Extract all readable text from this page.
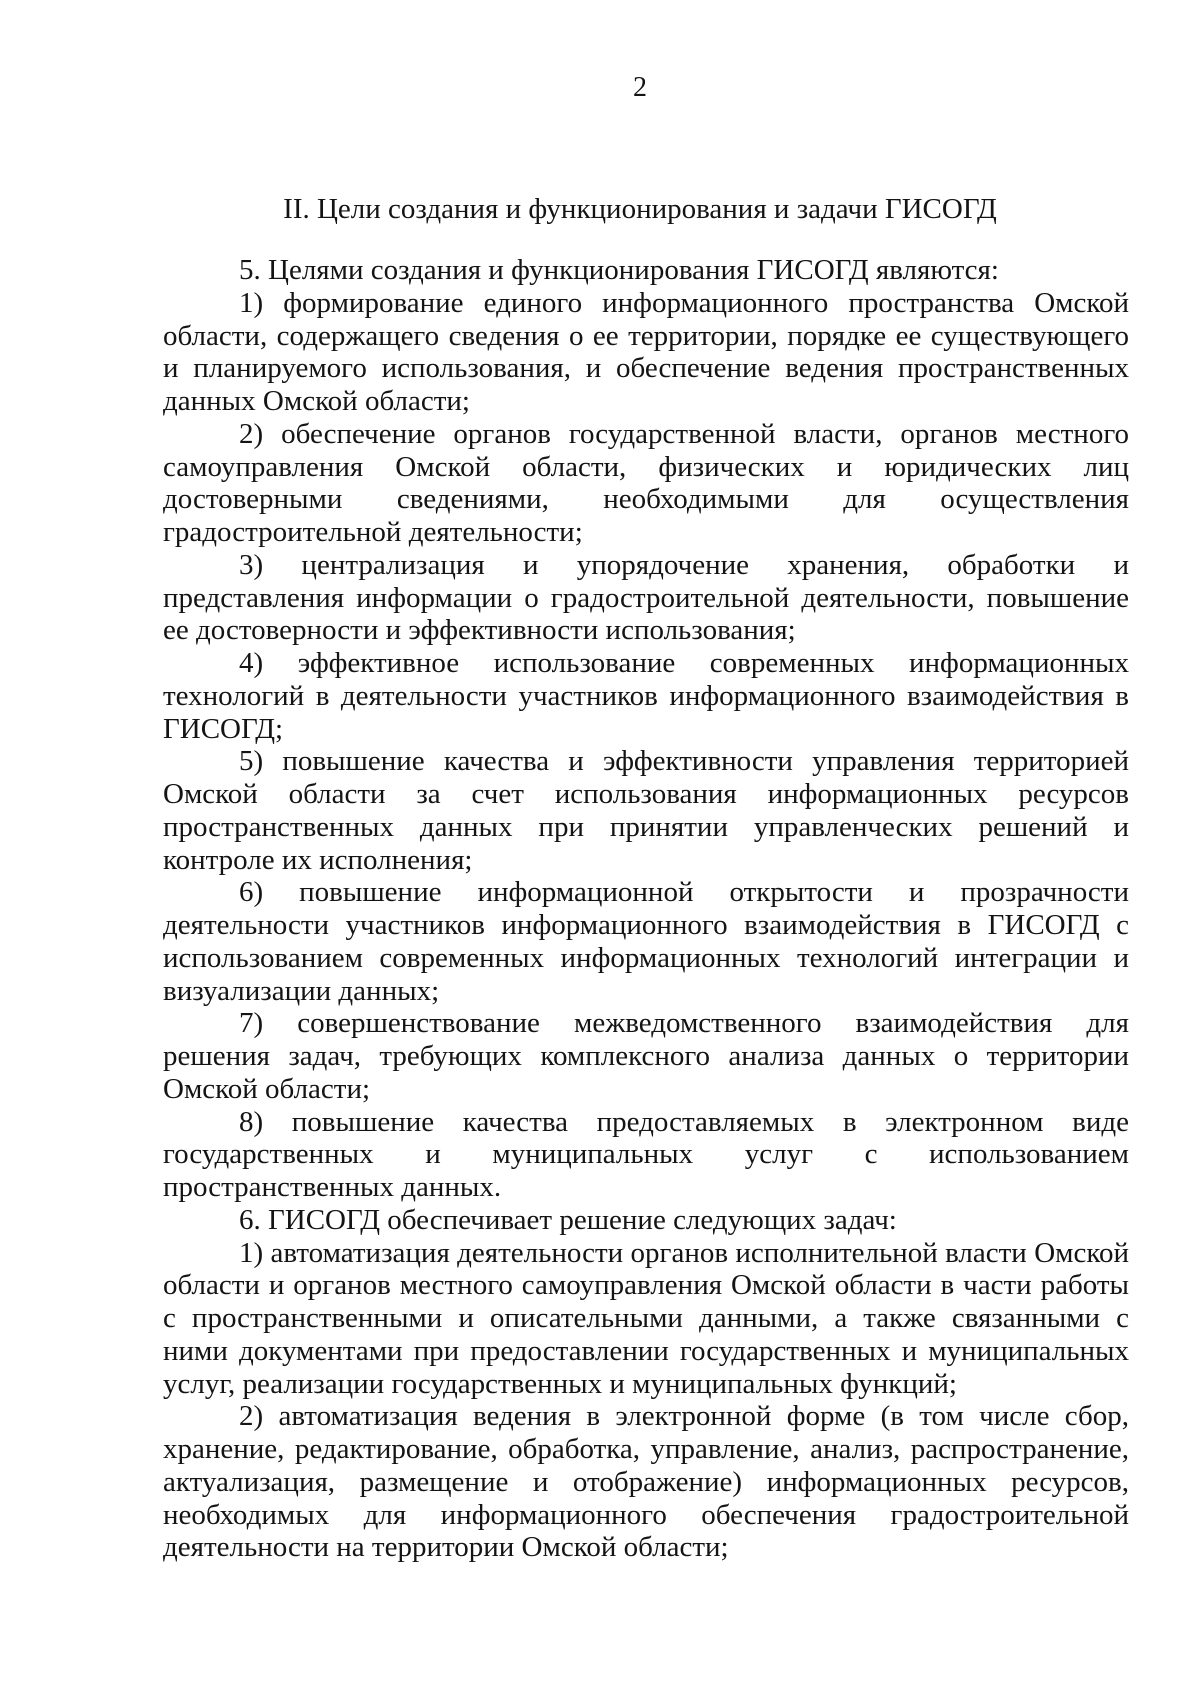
2
II. Цели создания и функционирования и задачи ГИСОГД

5. Целями создания и функционирования ГИСОГД являются:

1) формирование единого информационного пространства Омской области, содержащего сведения о ее территории, порядке ее существующего и планируемого использования, и обеспечение ведения пространственных данных Омской области;

2) обеспечение органов государственной власти, органов местного самоуправления Омской области, физических и юридических лиц достоверными сведениями, необходимыми для осуществления градостроительной деятельности;

3) централизация и упорядочение хранения, обработки и представления информации о градостроительной деятельности, повышение ее достоверности и эффективности использования;

4) эффективное использование современных информационных технологий в деятельности участников информационного взаимодействия в ГИСОГД;

5) повышение качества и эффективности управления территорией Омской области за счет использования информационных ресурсов пространственных данных при принятии управленческих решений и контроле их исполнения;

6) повышение информационной открытости и прозрачности деятельности участников информационного взаимодействия в ГИСОГД с использованием современных информационных технологий интеграции и визуализации данных;

7) совершенствование межведомственного взаимодействия для решения задач, требующих комплексного анализа данных о территории Омской области;

8) повышение качества предоставляемых в электронном виде государственных и муниципальных услуг с использованием пространственных данных.

6. ГИСОГД обеспечивает решение следующих задач:

1) автоматизация деятельности органов исполнительной власти Омской области и органов местного самоуправления Омской области в части работы с пространственными и описательными данными, а также связанными с ними документами при предоставлении государственных и муниципальных услуг, реализации государственных и муниципальных функций;

2) автоматизация ведения в электронной форме (в том числе сбор, хранение, редактирование, обработка, управление, анализ, распространение, актуализация, размещение и отображение) информационных ресурсов, необходимых для информационного обеспечения градостроительной деятельности на территории Омской области;
